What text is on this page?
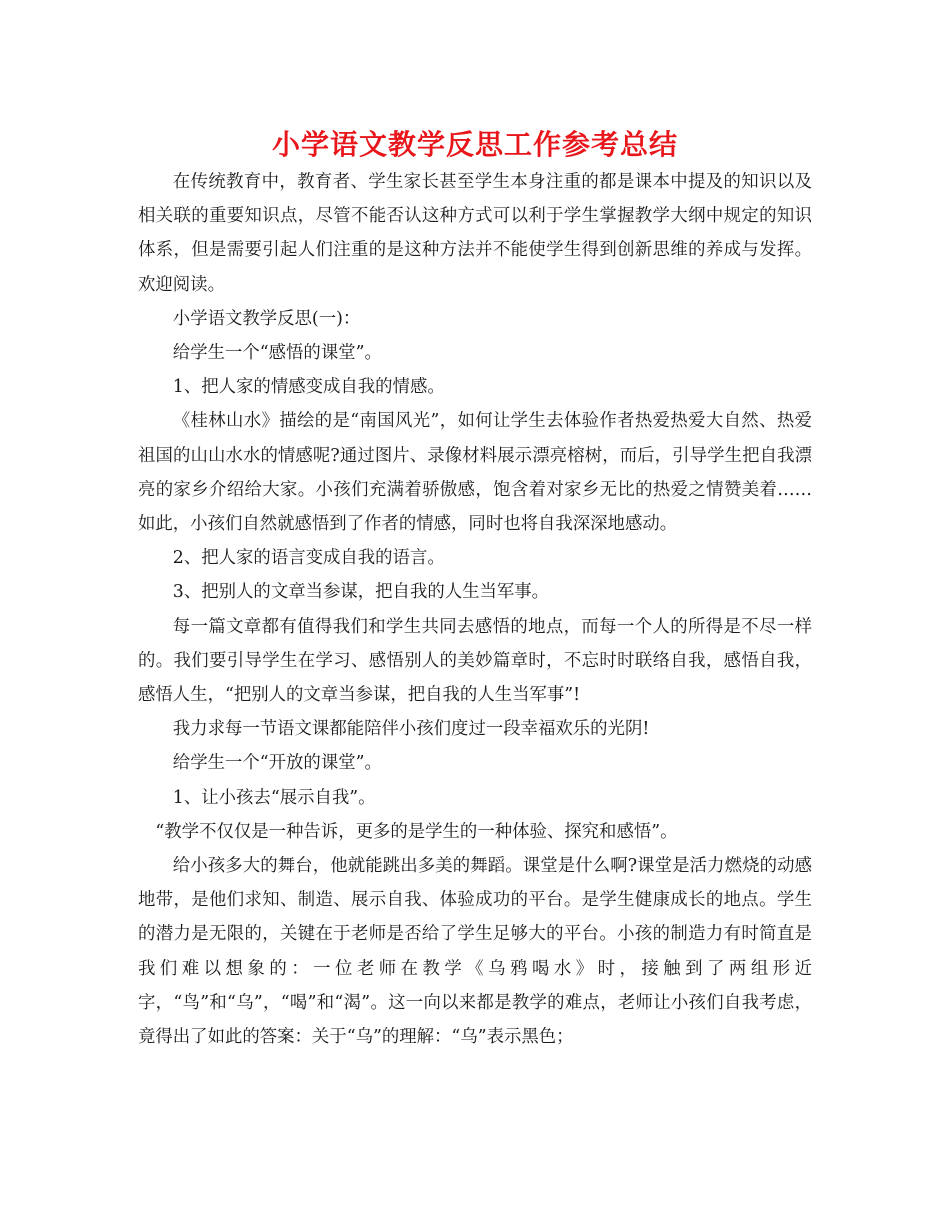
小学语文教学反思工作参考总结

在传统教育中，教育者、学生家长甚至学生本身注重的都是课本中提及的知识以及相关联的重要知识点，尽管不能否认这种方式可以利于学生掌握教学大纲中规定的知识体系，但是需要引起人们注重的是这种方法并不能使学生得到创新思维的养成与发挥。欢迎阅读。

小学语文教学反思(一)：

给学生一个“感悟的课堂”。

1、把人家的情感变成自我的情感。

《桂林山水》描绘的是“南国风光”，如何让学生去体验作者热爱热爱大自然、热爱祖国的山山水水的情感呢?通过图片、录像材料展示漂亮榕树，而后，引导学生把自我漂亮的家乡介绍给大家。小孩们充满着骄傲感，饱含着对家乡无比的热爱之情赞美着……如此，小孩们自然就感悟到了作者的情感，同时也将自我深深地感动。

2、把人家的语言变成自我的语言。

3、把别人的文章当参谋，把自我的人生当军事。

每一篇文章都有值得我们和学生共同去感悟的地点，而每一个人的所得是不尽一样的。我们要引导学生在学习、感悟别人的美妙篇章时，不忘时时联络自我，感悟自我，感悟人生，“把别人的文章当参谋，把自我的人生当军事”!

我力求每一节语文课都能陪伴小孩们度过一段幸福欢乐的光阴!

给学生一个“开放的课堂”。

1、让小孩去“展示自我”。

“教学不仅仅是一种告诉，更多的是学生的一种体验、探究和感悟”。

给小孩多大的舞台，他就能跳出多美的舞蹈。课堂是什么啊?课堂是活力燃烧的动感地带，是他们求知、制造、展示自我、体验成功的平台。是学生健康成长的地点。学生的潜力是无限的，关键在于老师是否给了学生足够大的平台。小孩的制造力有时简直是我们难以想象的：一位老师在教学《乌鸦喝水》时，接触到了两组形近字，“鸟”和“乌”，“喝”和“渴”。这一向以来都是教学的难点，老师让小孩们自我考虑，竟得出了如此的答案：关于“乌”的理解：“乌”表示黑色；
